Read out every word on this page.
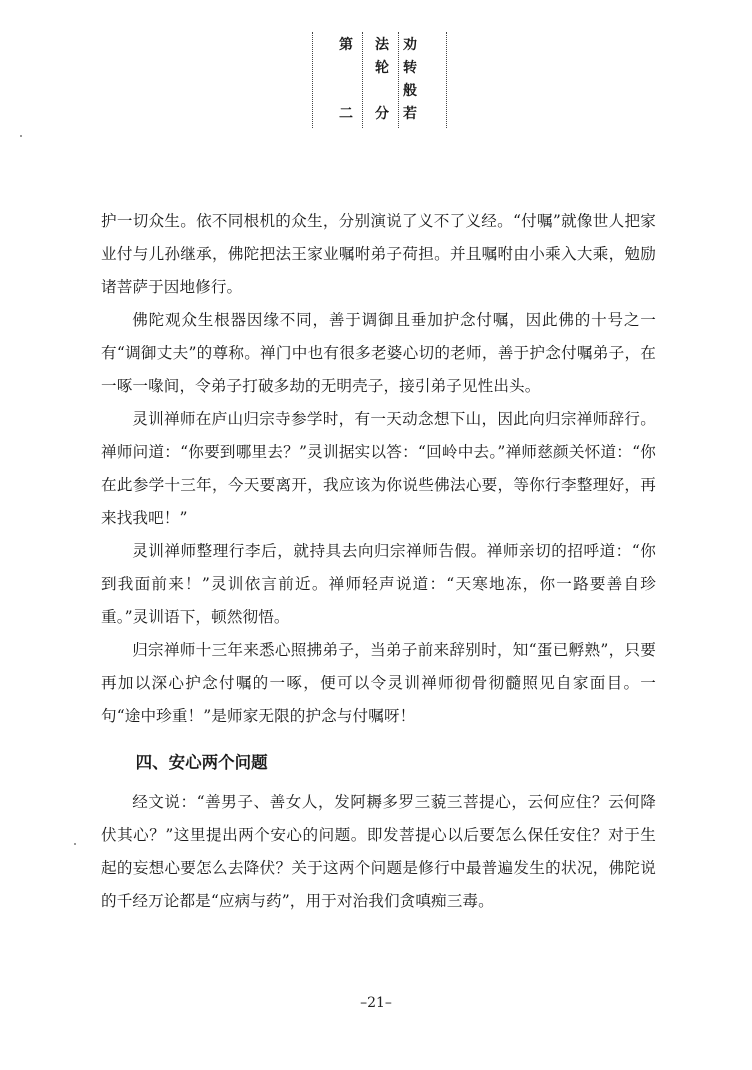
第
二
法
轮
分
劝
转
般
若

护一切众生。依不同根机的众生，分别演说了义不了义经。“付嘱”就像世人把家业付与儿孙继承，佛陀把法王家业嘱咐弟子荷担。并且嘱咐由小乘入大乘，勉励诸菩萨于因地修行。

佛陀观众生根器因缘不同，善于调御且垂加护念付嘱，因此佛的十号之一有“调御丈夫”的尊称。禅门中也有很多老婆心切的老师，善于护念付嘱弟子，在一啄一喙间，令弟子打破多劫的无明壳子，接引弟子见性出头。

灵训禅师在庐山归宗寺参学时，有一天动念想下山，因此向归宗禅师辞行。禅师问道：“你要到哪里去？”灵训据实以答：“回岭中去。”禅师慈颜关怀道：“你在此参学十三年，今天要离开，我应该为你说些佛法心要，等你行李整理好，再来找我吧！”

灵训禅师整理行李后，就持具去向归宗禅师告假。禅师亲切的招呼道：“你到我面前来！”灵训依言前近。禅师轻声说道：“天寒地冻，你一路要善自珍重。”灵训语下，顿然彻悟。

归宗禅师十三年来悉心照拂弟子，当弟子前来辞别时，知“蛋已孵熟”，只要再加以深心护念付嘱的一啄，便可以令灵训禅师彻骨彻髓照见自家面目。一句“途中珍重！”是师家无限的护念与付嘱呀！

四、安心两个问题

经文说：“善男子、善女人，发阿耨多罗三藐三菩提心，云何应住？云何降伏其心？”这里提出两个安心的问题。即发菩提心以后要怎么保任安住？对于生起的妄想心要怎么去降伏？关于这两个问题是修行中最普遍发生的状况，佛陀说的千经万论都是“应病与药”，用于对治我们贪嗔痴三毒。

–21–
